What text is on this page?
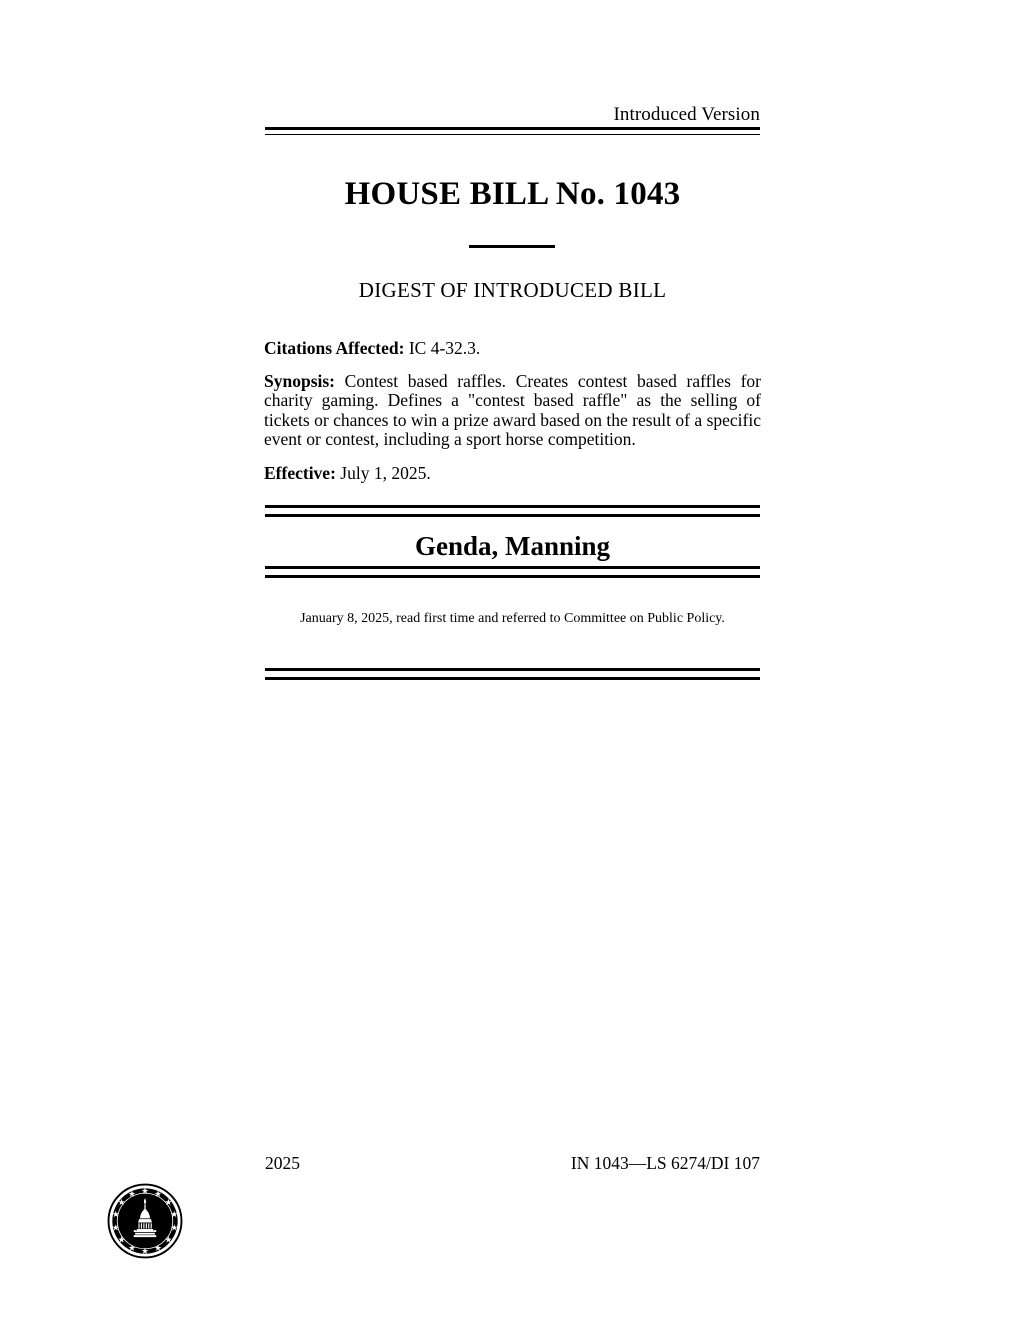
Introduced Version
HOUSE BILL No. 1043
DIGEST OF INTRODUCED BILL

Citations Affected: IC 4-32.3.

Synopsis: Contest based raffles. Creates contest based raffles for charity gaming. Defines a "contest based raffle" as the selling of tickets or chances to win a prize award based on the result of a specific event or contest, including a sport horse competition.

Effective: July 1, 2025.

Genda, Manning
January 8, 2025, read first time and referred to Committee on Public Policy.
2025	IN 1043—LS 6274/DI 107
